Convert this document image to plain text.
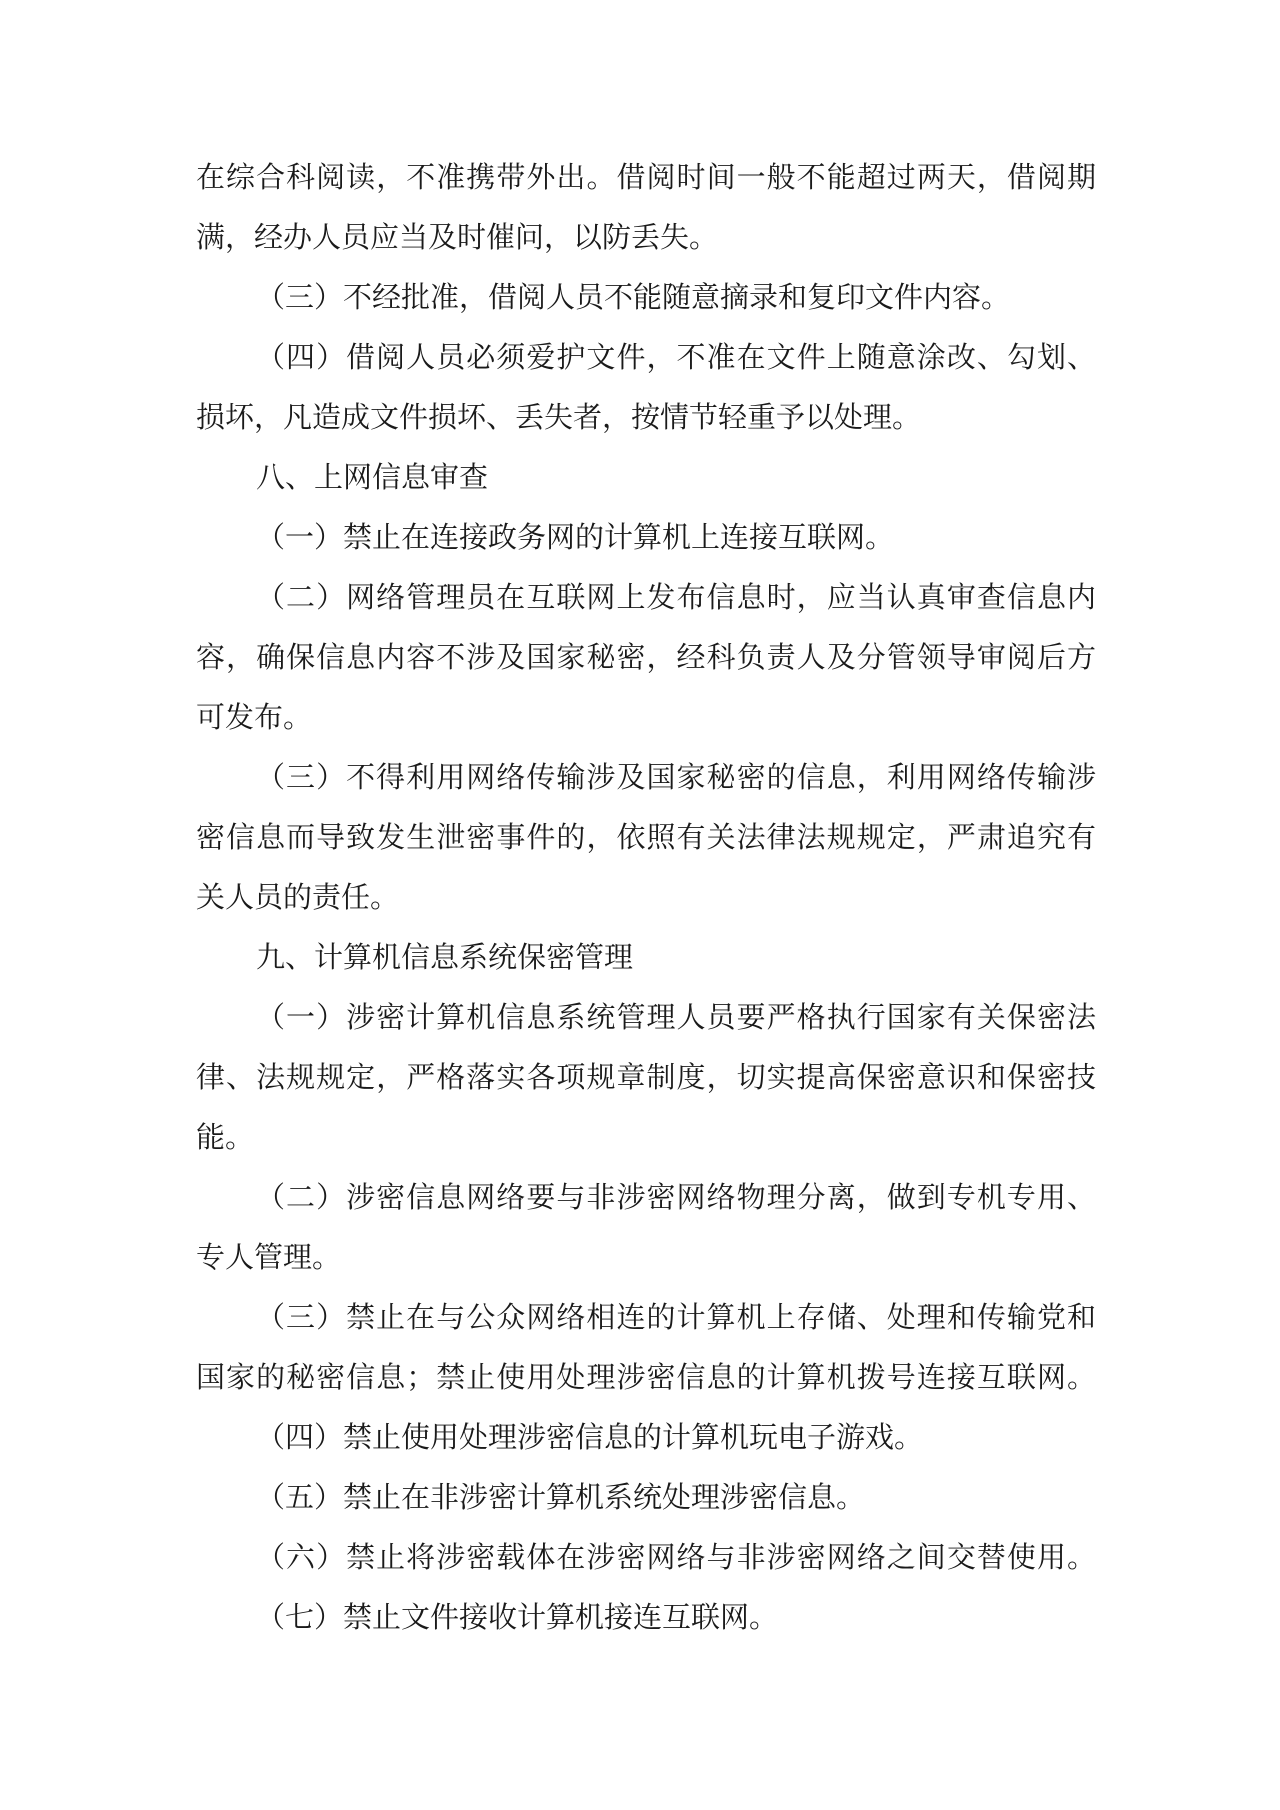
在综合科阅读，不准携带外出。借阅时间一般不能超过两天，借阅期
满，经办人员应当及时催问，以防丢失。
（三）不经批准，借阅人员不能随意摘录和复印文件内容。
（四）借阅人员必须爱护文件，不准在文件上随意涂改、勾划、
损坏，凡造成文件损坏、丢失者，按情节轻重予以处理。
八、上网信息审查
（一）禁止在连接政务网的计算机上连接互联网。
（二）网络管理员在互联网上发布信息时，应当认真审查信息内
容，确保信息内容不涉及国家秘密，经科负责人及分管领导审阅后方
可发布。
（三）不得利用网络传输涉及国家秘密的信息，利用网络传输涉
密信息而导致发生泄密事件的，依照有关法律法规规定，严肃追究有
关人员的责任。
九、计算机信息系统保密管理
（一）涉密计算机信息系统管理人员要严格执行国家有关保密法
律、法规规定，严格落实各项规章制度，切实提高保密意识和保密技
能。
（二）涉密信息网络要与非涉密网络物理分离，做到专机专用、
专人管理。
（三）禁止在与公众网络相连的计算机上存储、处理和传输党和
国家的秘密信息；禁止使用处理涉密信息的计算机拨号连接互联网。
（四）禁止使用处理涉密信息的计算机玩电子游戏。
（五）禁止在非涉密计算机系统处理涉密信息。
（六）禁止将涉密载体在涉密网络与非涉密网络之间交替使用。
（七）禁止文件接收计算机接连互联网。
